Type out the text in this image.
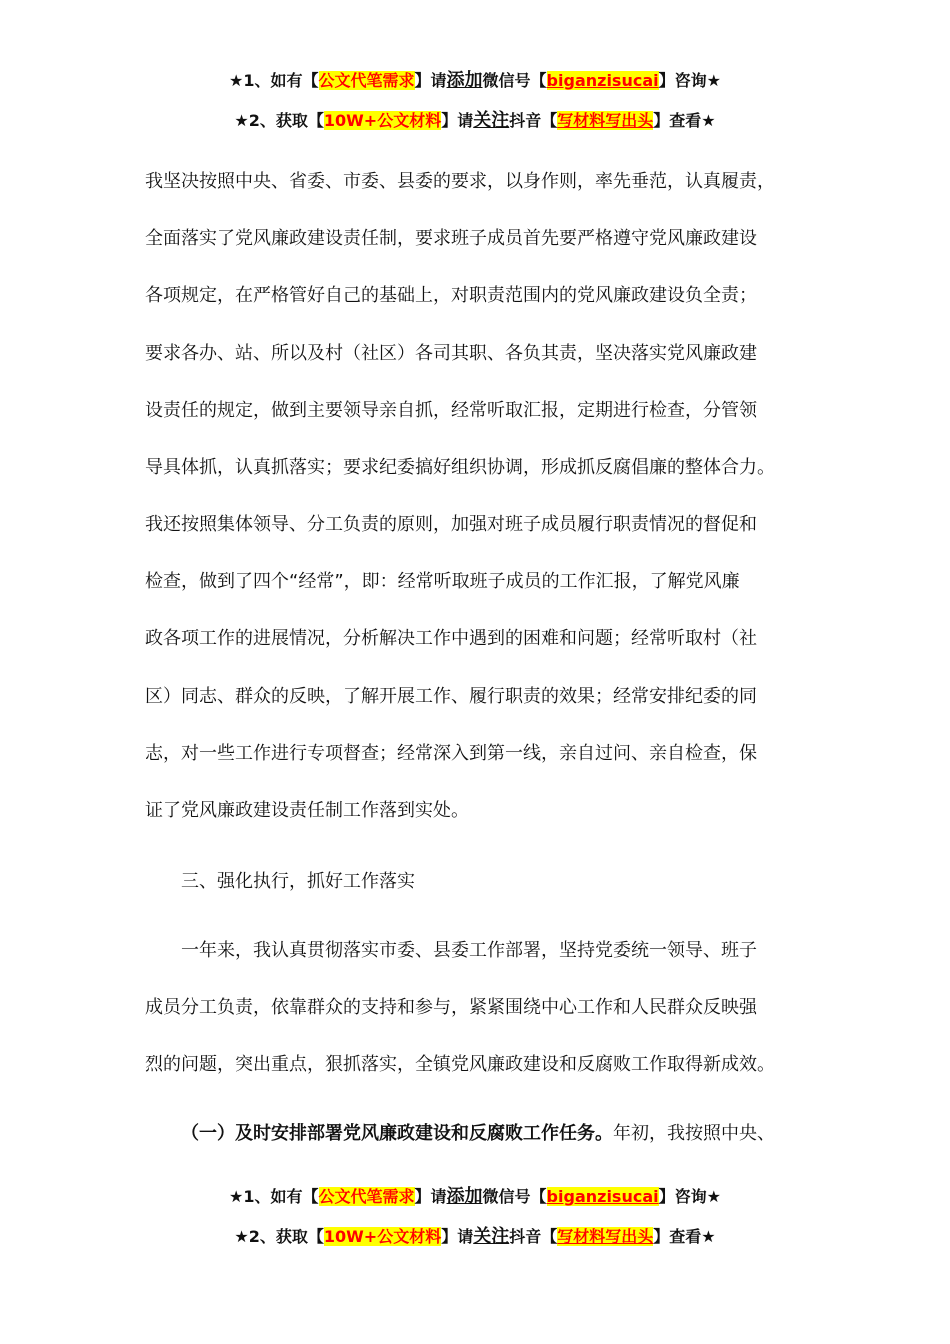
★1、如有【公文代笔需求】请添加微信号【biganzisucai】咨询★
★2、获取【10W+公文材料】请关注抖音【写材料写出头】查看★
我坚决按照中央、省委、市委、县委的要求，以身作则，率先垂范，认真履责，
全面落实了党风廉政建设责任制，要求班子成员首先要严格遵守党风廉政建设
各项规定，在严格管好自己的基础上，对职责范围内的党风廉政建设负全责；
要求各办、站、所以及村（社区）各司其职、各负其责，坚决落实党风廉政建
设责任的规定，做到主要领导亲自抓，经常听取汇报，定期进行检查，分管领
导具体抓，认真抓落实；要求纪委搞好组织协调，形成抓反腐倡廉的整体合力。
我还按照集体领导、分工负责的原则，加强对班子成员履行职责情况的督促和
检查，做到了四个“经常”，即：经常听取班子成员的工作汇报，了解党风廉
政各项工作的进展情况，分析解决工作中遇到的困难和问题；经常听取村（社
区）同志、群众的反映，了解开展工作、履行职责的效果；经常安排纪委的同
志，对一些工作进行专项督查；经常深入到第一线，亲自过问、亲自检查，保
证了党风廉政建设责任制工作落到实处。
三、强化执行，抓好工作落实
一年来，我认真贯彻落实市委、县委工作部署，坚持党委统一领导、班子
成员分工负责，依靠群众的支持和参与，紧紧围绕中心工作和人民群众反映强
烈的问题，突出重点，狠抓落实，全镇党风廉政建设和反腐败工作取得新成效。
（一）及时安排部署党风廉政建设和反腐败工作任务。年初，我按照中央、
★1、如有【公文代笔需求】请添加微信号【biganzisucai】咨询★
★2、获取【10W+公文材料】请关注抖音【写材料写出头】查看★
